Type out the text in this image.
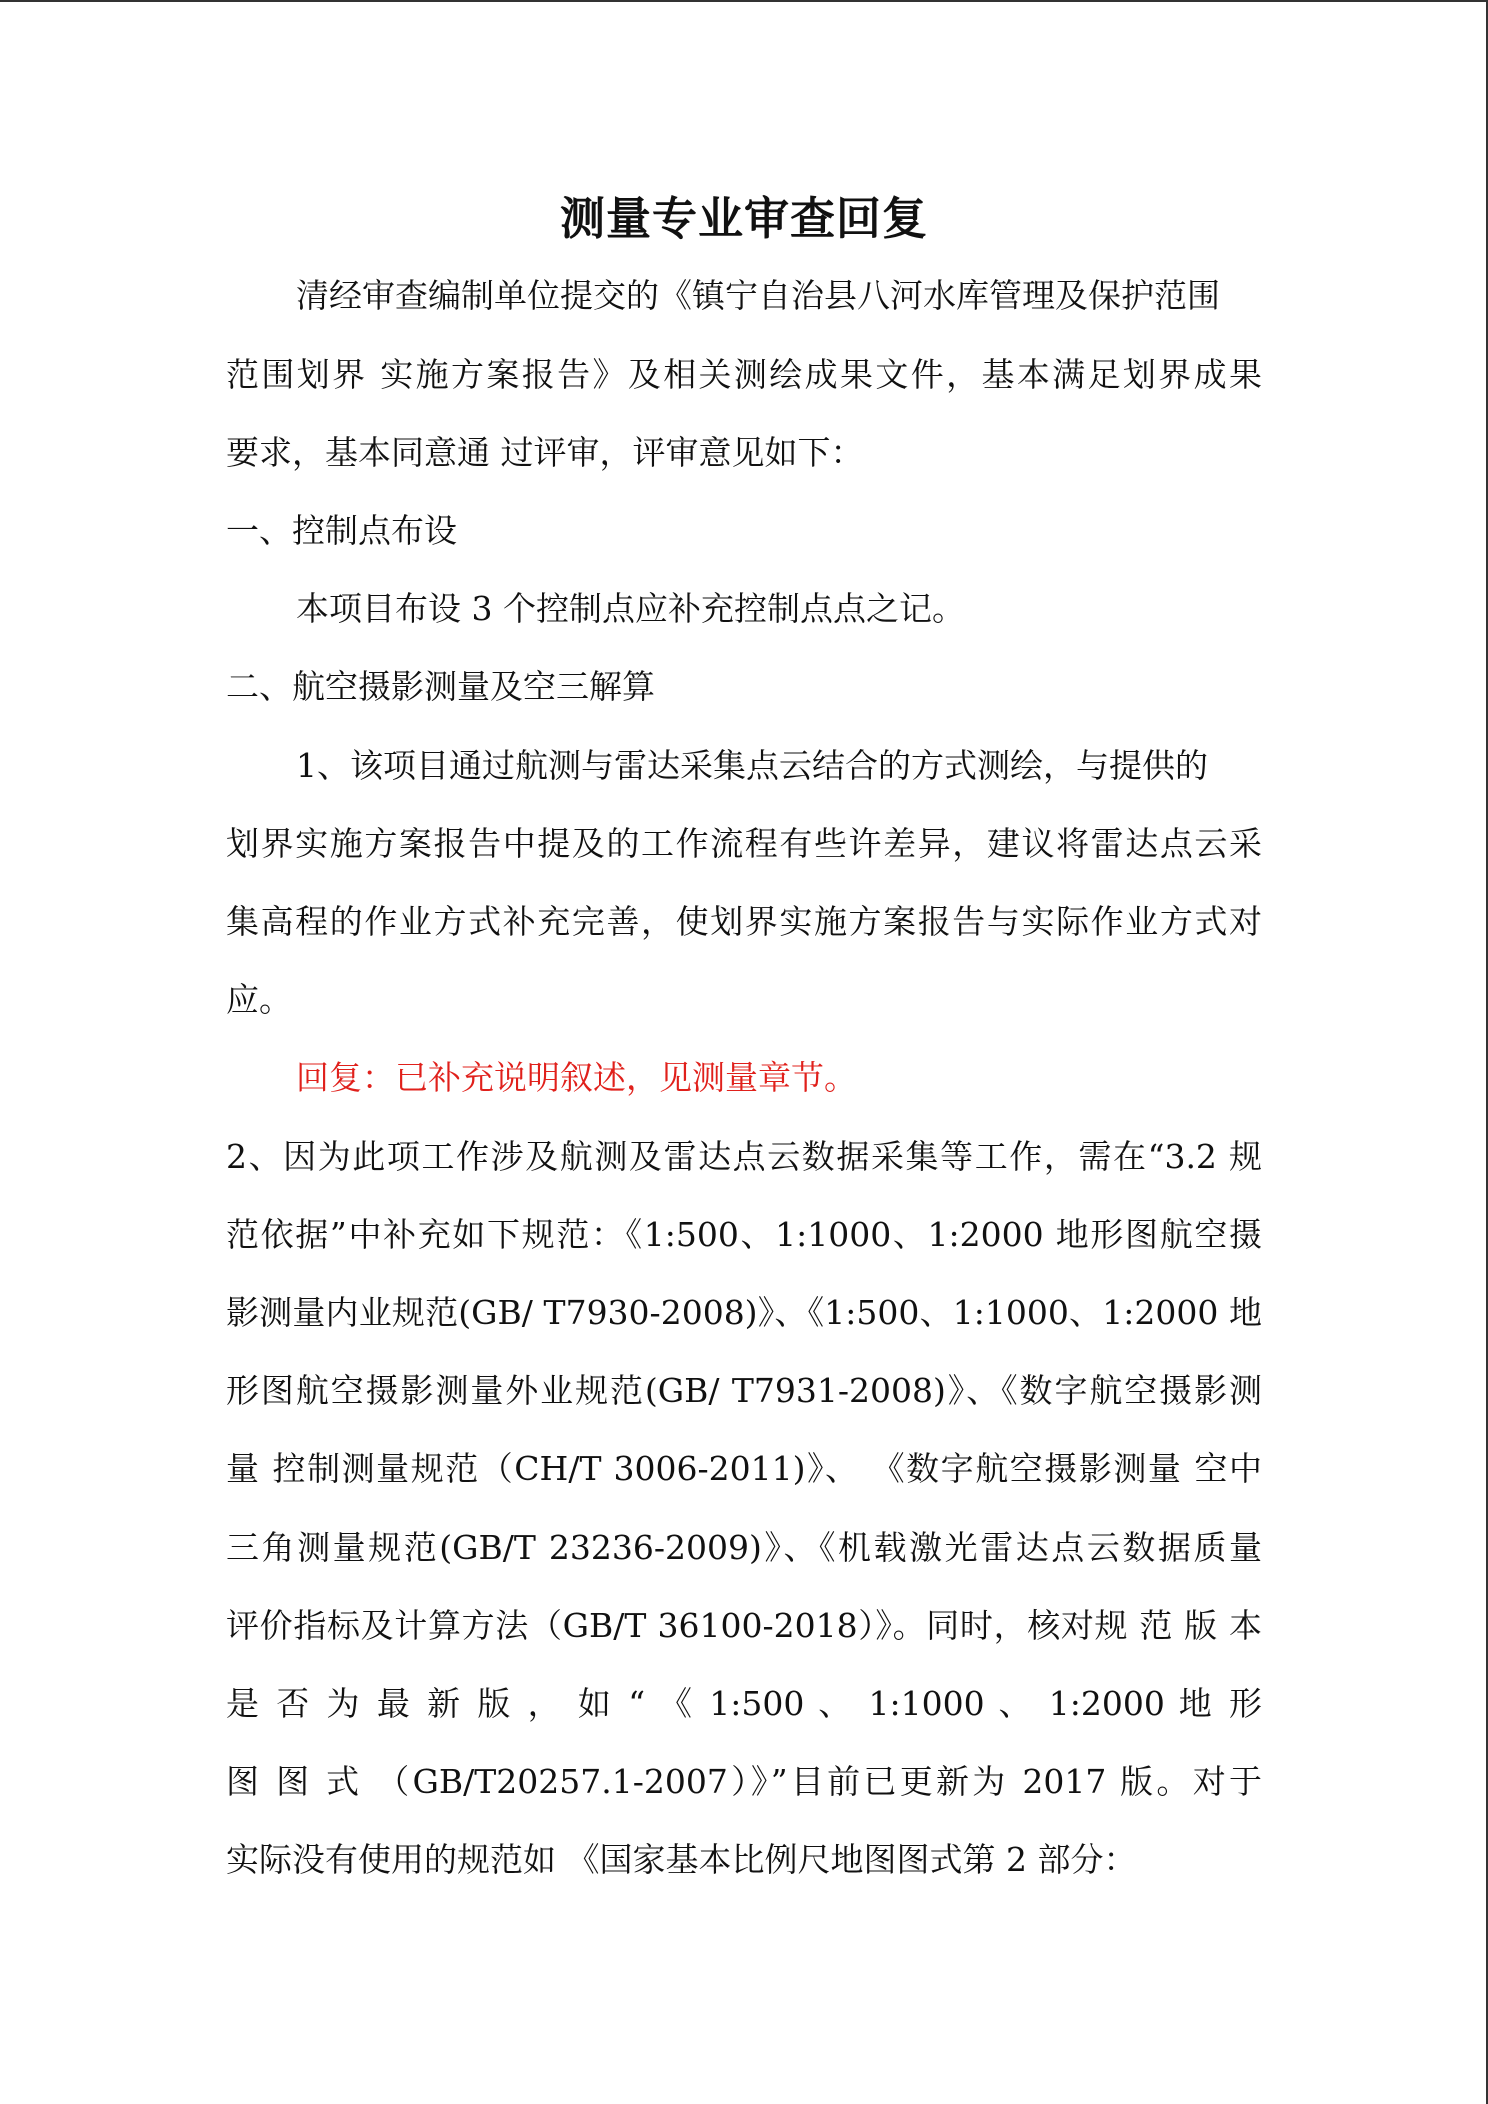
测量专业审查回复
清经审查编制单位提交的《镇宁自治县八河水库管理及保护范围
范围划界 实施方案报告》及相关测绘成果文件，基本满足划界成果
要求，基本同意通 过评审，评审意见如下：
一、控制点布设
本项目布设 3 个控制点应补充控制点点之记。
二、航空摄影测量及空三解算
1、该项目通过航测与雷达采集点云结合的方式测绘，与提供的
划界实施方案报告中提及的工作流程有些许差异，建议将雷达点云采
集高程的作业方式补充完善，使划界实施方案报告与实际作业方式对
应。
回复：已补充说明叙述，见测量章节。
2、因为此项工作涉及航测及雷达点云数据采集等工作，需在“3.2 规
范依据”中补充如下规范：《1:500、1:1000、1:2000 地形图航空摄
影测量内业规范(GB/ T7930-2008)》、《1:500、1:1000、1:2000 地
形图航空摄影测量外业规范(GB/ T7931-2008)》、《数字航空摄影测
量 控制测量规范（CH/T 3006-2011)》、 《数字航空摄影测量 空中
三角测量规范(GB/T 23236-2009)》、《机载激光雷达点云数据质量
评价指标及计算方法（GB/T 36100-2018）》。同时，核对规 范 版 本
是 否 为 最 新 版 ， 如 “ 《 1:500 、 1:1000 、 1:2000 地 形
图 图 式 （GB/T20257.1-2007）》”目前已更新为 2017 版。对于
实际没有使用的规范如 《国家基本比例尺地图图式第 2 部分：
